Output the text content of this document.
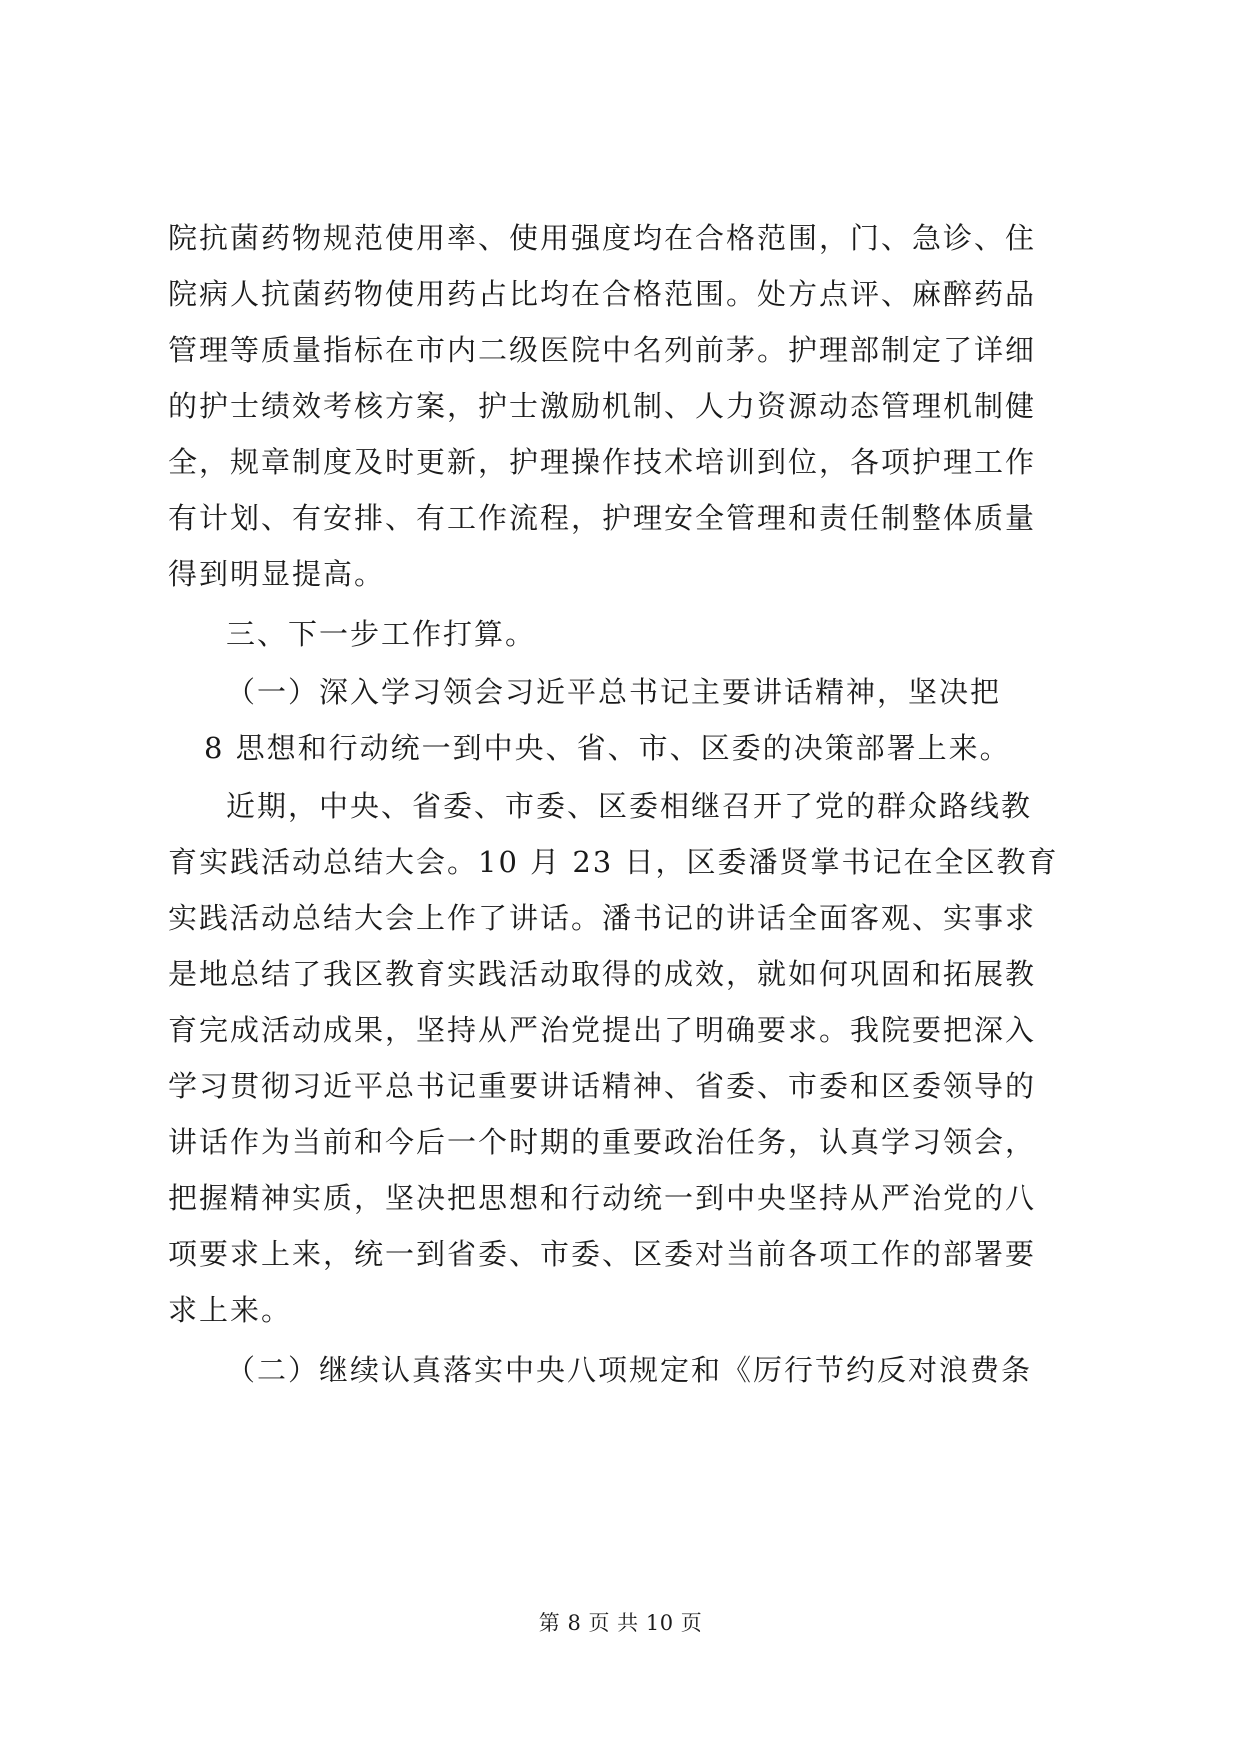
院抗菌药物规范使用率、使用强度均在合格范围，门、急诊、住
院病人抗菌药物使用药占比均在合格范围。处方点评、麻醉药品
管理等质量指标在市内二级医院中名列前茅。护理部制定了详细
的护士绩效考核方案，护士激励机制、人力资源动态管理机制健
全，规章制度及时更新，护理操作技术培训到位，各项护理工作
有计划、有安排、有工作流程，护理安全管理和责任制整体质量
得到明显提高。
三、下一步工作打算。
（一）深入学习领会习近平总书记主要讲话精神，坚决把
8 思想和行动统一到中央、省、市、区委的决策部署上来。
近期，中央、省委、市委、区委相继召开了党的群众路线教
育实践活动总结大会。10 月 23 日，区委潘贤掌书记在全区教育
实践活动总结大会上作了讲话。潘书记的讲话全面客观、实事求
是地总结了我区教育实践活动取得的成效，就如何巩固和拓展教
育完成活动成果，坚持从严治党提出了明确要求。我院要把深入
学习贯彻习近平总书记重要讲话精神、省委、市委和区委领导的
讲话作为当前和今后一个时期的重要政治任务，认真学习领会，
把握精神实质，坚决把思想和行动统一到中央坚持从严治党的八
项要求上来，统一到省委、市委、区委对当前各项工作的部署要
求上来。
（二）继续认真落实中央八项规定和《厉行节约反对浪费条
第 8 页 共 10 页
